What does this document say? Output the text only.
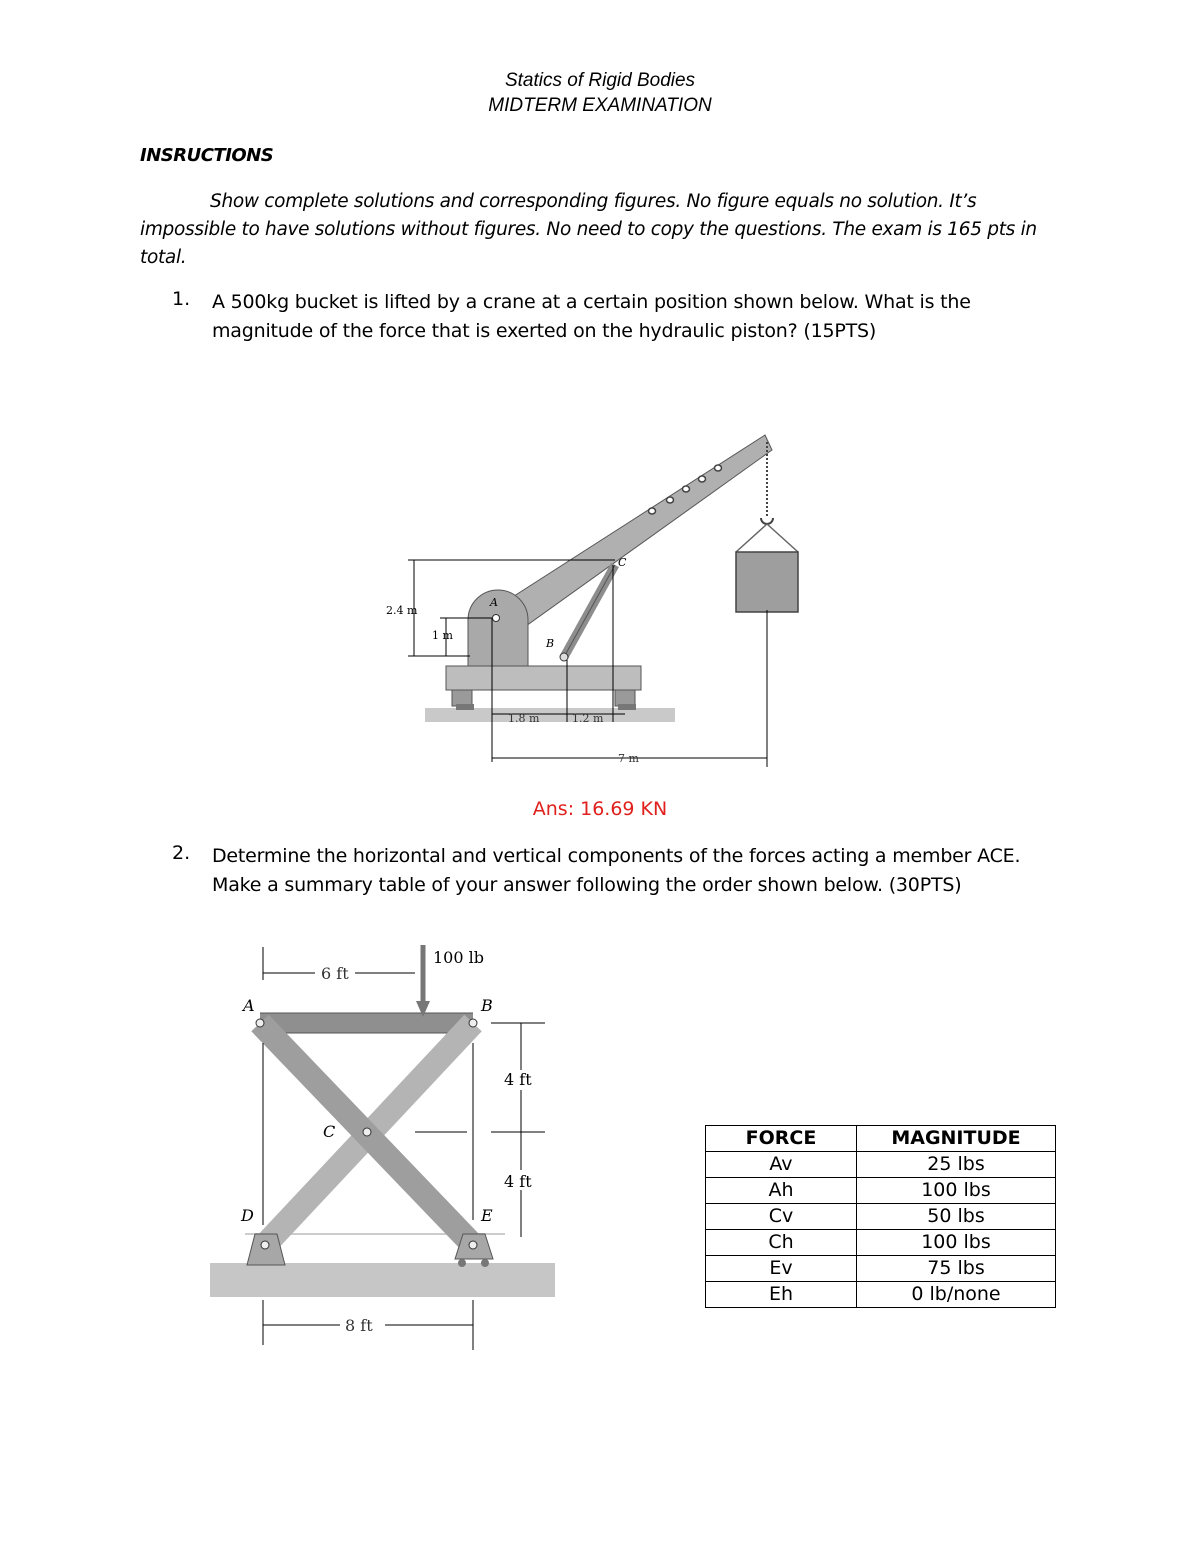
Statics of Rigid Bodies
MIDTERM EXAMINATION
INSRUCTIONS
Show complete solutions and corresponding figures. No figure equals no solution. It’s impossible to have solutions without figures. No need to copy the questions. The exam is 165 pts in total.
1. A 500kg bucket is lifted by a crane at a certain position shown below. What is the magnitude of the force that is exerted on the hydraulic piston? (15PTS)
A
B
C
2.4 m
1 m
1.8 m	1.2 m
7 m
Ans: 16.69 KN
2. Determine the horizontal and vertical components of the forces acting a member ACE. Make a summary table of your answer following the order shown below. (30PTS)
100 lb
6 ft
A	B
C
D	E
4 ft
4 ft
8 ft
FORCE	MAGNITUDE
Av	25 lbs
Ah	100 lbs
Cv	50 lbs
Ch	100 lbs
Ev	75 lbs
Eh	0 lb/none
